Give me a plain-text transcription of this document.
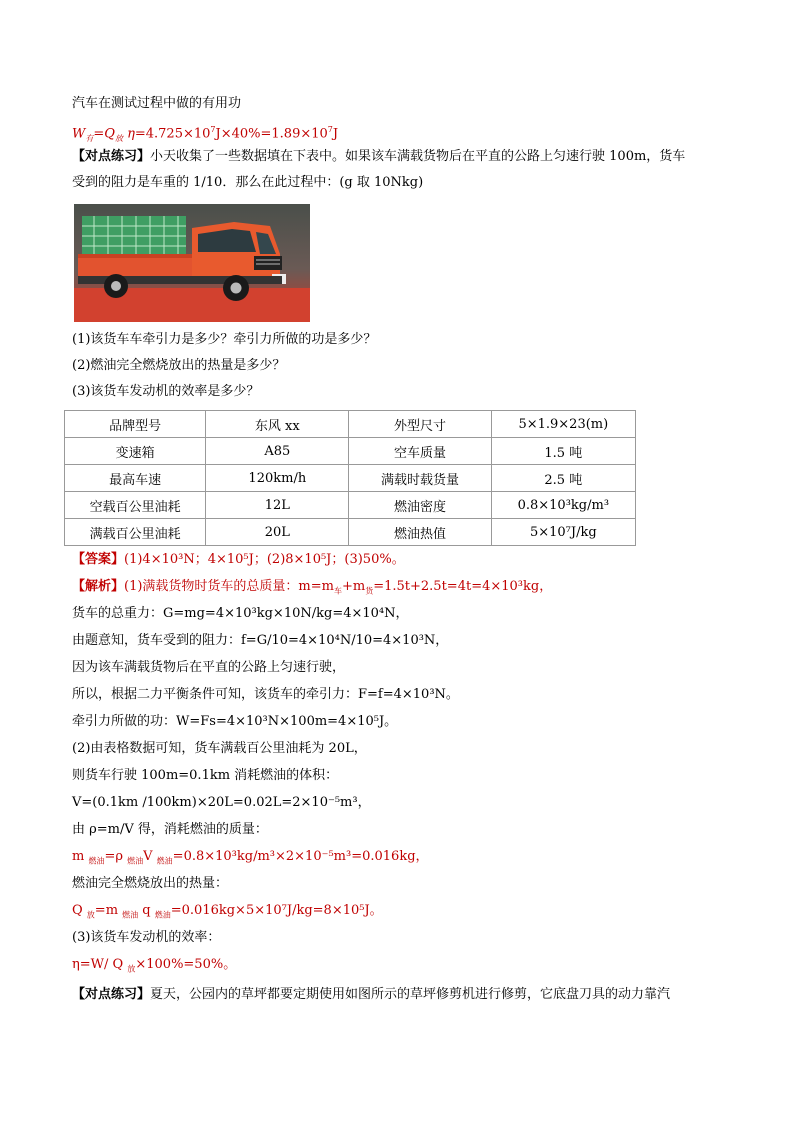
汽车在测试过程中做的有用功
$W_有=Q_放$ $\eta=4.725\times 10^7J\times 40\%=1.89\times 10^7J$
【对点练习】小天收集了一些数据填在下表中。如果该车满载货物后在平直的公路上匀速行驶 100m，货车
受到的阻力是车重的 1/10．那么在此过程中：(g 取 10Nkg)
(1)该货车车牵引力是多少？牵引力所做的功是多少？
(2)燃油完全燃烧放出的热量是多少？
(3)该货车发动机的效率是多少？
品牌型号	东风 xx	外型尺寸	5×1.9×23(m)
变速箱	A85	空车质量	1.5 吨
最高车速	120km/h	满载时载货量	2.5 吨
空载百公里油耗	12L	燃油密度	0.8×10³kg/m³
满载百公里油耗	20L	燃油热值	5×10⁷J/kg
【答案】(1)4×10³N；4×10⁵J；(2)8×10⁵J；(3)50%。
【解析】(1)满载货物时货车的总质量：$m=m_车+m_货=1.5t+2.5t=4t=4\times 10^3kg$，
货车的总重力：G=mg=4×10³kg×10N/kg=4×10⁴N，
由题意知，货车受到的阻力：f=G/10=4×10⁴N/10=4×10³N，
因为该车满载货物后在平直的公路上匀速行驶，
所以，根据二力平衡条件可知，该货车的牵引力：F=f=4×10³N。
牵引力所做的功：W=Fs=4×10³N×100m=4×10⁵J。
(2)由表格数据可知，货车满载百公里油耗为 20L，
则货车行驶 100m=0.1km 消耗燃油的体积：
V=(0.1km /100km)×20L=0.02L=2×10⁻⁵m³，
由 ρ=m/V 得，消耗燃油的质量：
m $_{燃油}$=ρ $_{燃油}$V $_{燃油}$=0.8×10³kg/m³×2×10⁻⁵m³=0.016kg，
燃油完全燃烧放出的热量：
Q $_放$=m $_{燃油}$ q $_{燃油}$=0.016kg×5×10⁷J/kg=8×10⁵J。
(3)该货车发动机的效率：
η=W/ Q $_放$×100%=50%。
【对点练习】夏天，公园内的草坪都要定期使用如图所示的草坪修剪机进行修剪，它底盘刀具的动力靠汽
